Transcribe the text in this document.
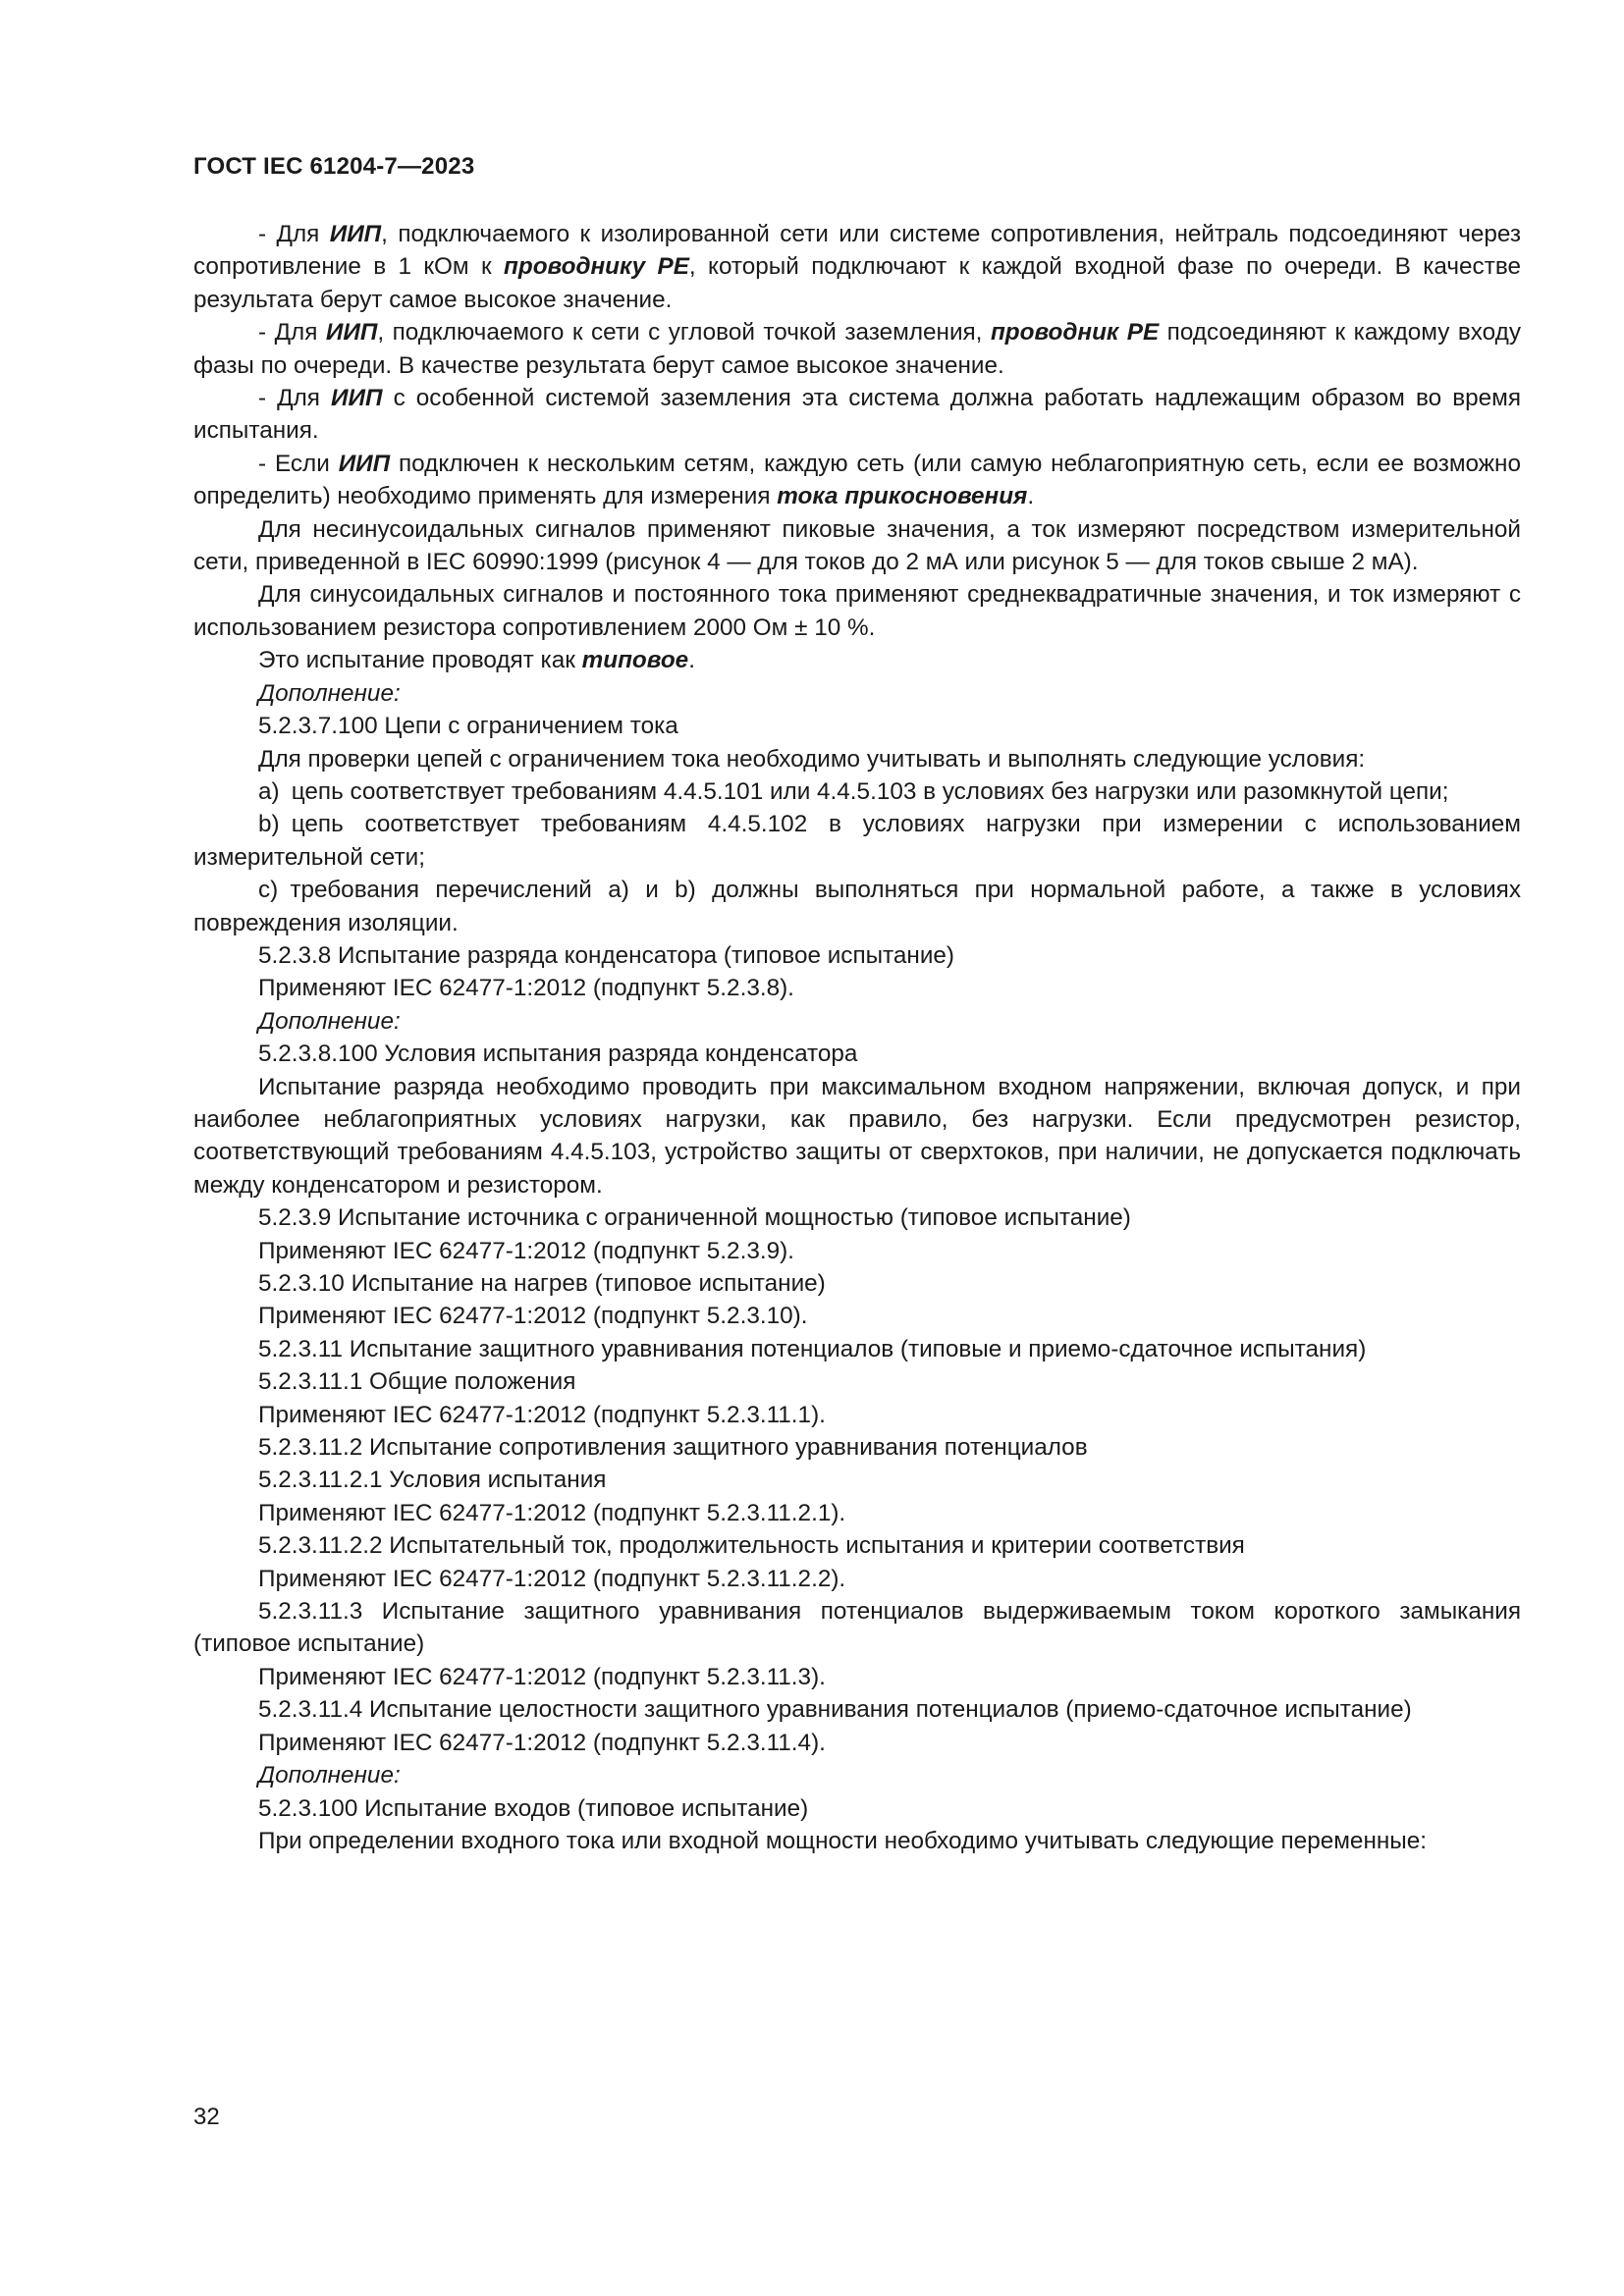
ГОСТ IEC 61204-7—2023

- Для ИИП, подключаемого к изолированной сети или системе сопротивления, нейтраль подсоединяют через сопротивление в 1 кОм к проводнику PE, который подключают к каждой входной фазе по очереди. В качестве результата берут самое высокое значение.

- Для ИИП, подключаемого к сети с угловой точкой заземления, проводник PE подсоединяют к каждому входу фазы по очереди. В качестве результата берут самое высокое значение.

- Для ИИП с особенной системой заземления эта система должна работать надлежащим образом во время испытания.

- Если ИИП подключен к нескольким сетям, каждую сеть (или самую неблагоприятную сеть, если ее возможно определить) необходимо применять для измерения тока прикосновения.

Для несинусоидальных сигналов применяют пиковые значения, а ток измеряют посредством измерительной сети, приведенной в IEC 60990:1999 (рисунок 4 — для токов до 2 мА или рисунок 5 — для токов свыше 2 мА).

Для синусоидальных сигналов и постоянного тока применяют среднеквадратичные значения, и ток измеряют с использованием резистора сопротивлением 2000 Ом ± 10 %.

Это испытание проводят как типовое.

Дополнение:

5.2.3.7.100 Цепи с ограничением тока

Для проверки цепей с ограничением тока необходимо учитывать и выполнять следующие условия:

a) цепь соответствует требованиям 4.4.5.101 или 4.4.5.103 в условиях без нагрузки или разомкнутой цепи;

b) цепь соответствует требованиям 4.4.5.102 в условиях нагрузки при измерении с использованием измерительной сети;

c) требования перечислений a) и b) должны выполняться при нормальной работе, а также в условиях повреждения изоляции.

5.2.3.8 Испытание разряда конденсатора (типовое испытание)

Применяют IEC 62477-1:2012 (подпункт 5.2.3.8).

Дополнение:

5.2.3.8.100 Условия испытания разряда конденсатора

Испытание разряда необходимо проводить при максимальном входном напряжении, включая допуск, и при наиболее неблагоприятных условиях нагрузки, как правило, без нагрузки. Если предусмотрен резистор, соответствующий требованиям 4.4.5.103, устройство защиты от сверхтоков, при наличии, не допускается подключать между конденсатором и резистором.

5.2.3.9 Испытание источника с ограниченной мощностью (типовое испытание)

Применяют IEC 62477-1:2012 (подпункт 5.2.3.9).

5.2.3.10 Испытание на нагрев (типовое испытание)

Применяют IEC 62477-1:2012 (подпункт 5.2.3.10).

5.2.3.11 Испытание защитного уравнивания потенциалов (типовые и приемо-сдаточное испытания)

5.2.3.11.1 Общие положения

Применяют IEC 62477-1:2012 (подпункт 5.2.3.11.1).

5.2.3.11.2 Испытание сопротивления защитного уравнивания потенциалов

5.2.3.11.2.1 Условия испытания

Применяют IEC 62477-1:2012 (подпункт 5.2.3.11.2.1).

5.2.3.11.2.2 Испытательный ток, продолжительность испытания и критерии соответствия

Применяют IEC 62477-1:2012 (подпункт 5.2.3.11.2.2).

5.2.3.11.3 Испытание защитного уравнивания потенциалов выдерживаемым током короткого замыкания (типовое испытание)

Применяют IEC 62477-1:2012 (подпункт 5.2.3.11.3).

5.2.3.11.4 Испытание целостности защитного уравнивания потенциалов (приемо-сдаточное испытание)

Применяют IEC 62477-1:2012 (подпункт 5.2.3.11.4).

Дополнение:

5.2.3.100 Испытание входов (типовое испытание)

При определении входного тока или входной мощности необходимо учитывать следующие переменные:

32
